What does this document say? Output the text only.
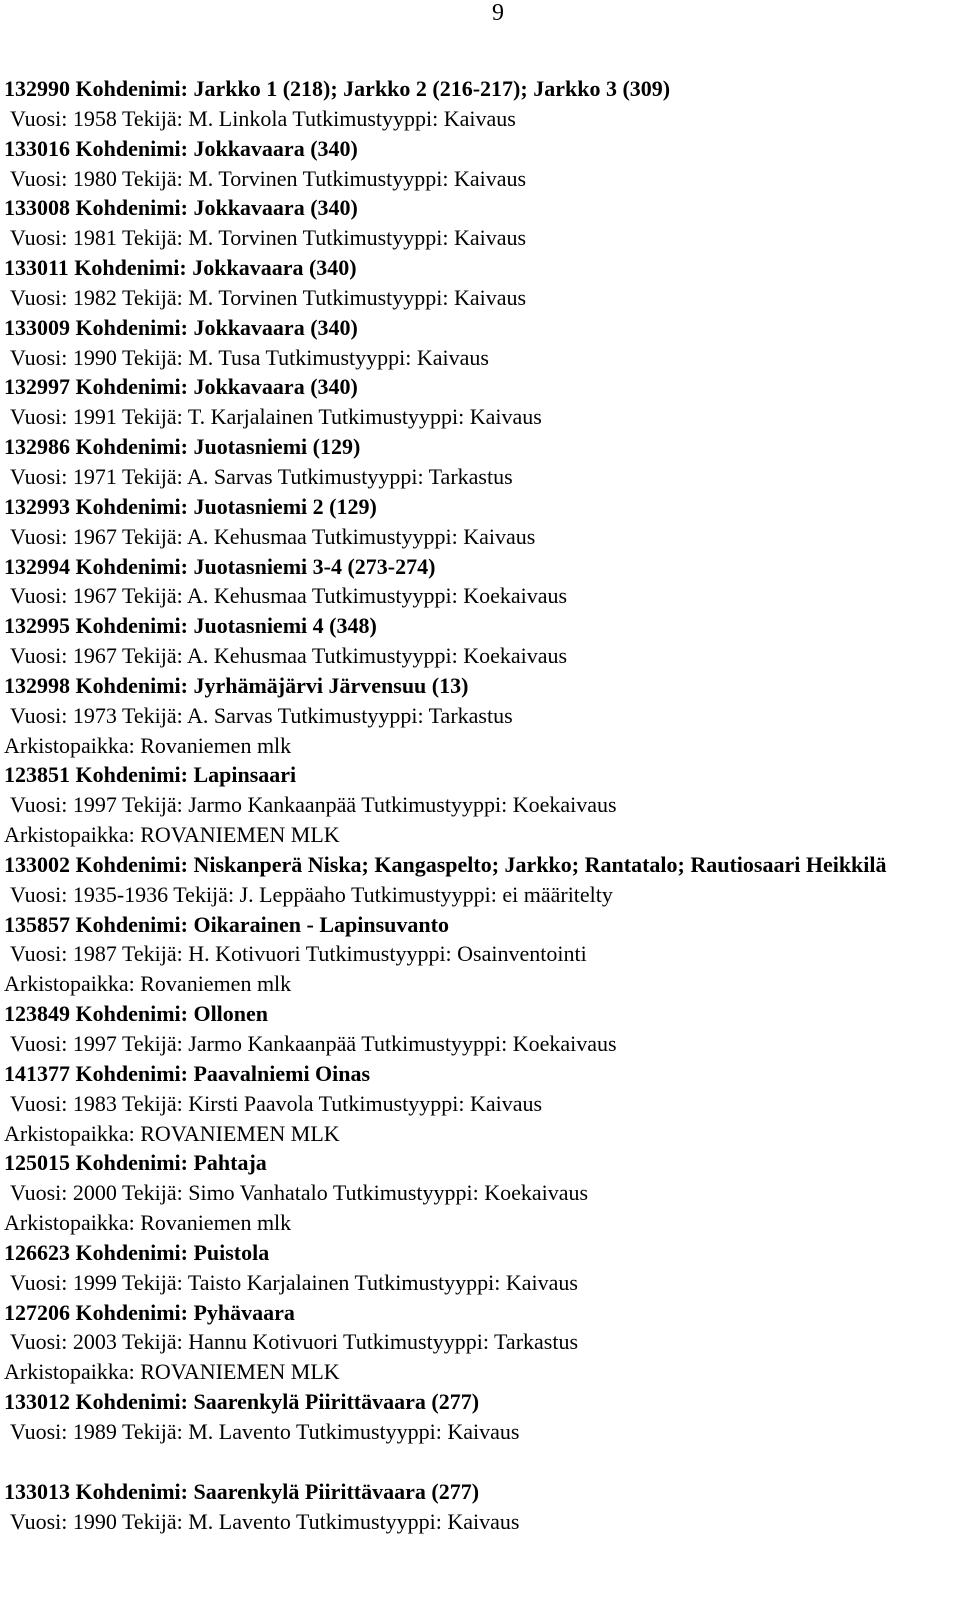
9
132990 Kohdenimi: Jarkko 1 (218); Jarkko 2 (216-217); Jarkko 3 (309)
Vuosi: 1958 Tekijä: M. Linkola Tutkimustyyppi: Kaivaus
133016 Kohdenimi: Jokkavaara (340)
Vuosi: 1980 Tekijä: M. Torvinen Tutkimustyyppi: Kaivaus
133008 Kohdenimi: Jokkavaara (340)
Vuosi: 1981 Tekijä: M. Torvinen Tutkimustyyppi: Kaivaus
133011 Kohdenimi: Jokkavaara (340)
Vuosi: 1982 Tekijä: M. Torvinen Tutkimustyyppi: Kaivaus
133009 Kohdenimi: Jokkavaara (340)
Vuosi: 1990 Tekijä: M. Tusa Tutkimustyyppi: Kaivaus
132997 Kohdenimi: Jokkavaara (340)
Vuosi: 1991 Tekijä: T. Karjalainen Tutkimustyyppi: Kaivaus
132986 Kohdenimi: Juotasniemi (129)
Vuosi: 1971 Tekijä: A. Sarvas Tutkimustyyppi: Tarkastus
132993 Kohdenimi: Juotasniemi 2 (129)
Vuosi: 1967 Tekijä: A. Kehusmaa Tutkimustyyppi: Kaivaus
132994 Kohdenimi: Juotasniemi 3-4 (273-274)
Vuosi: 1967 Tekijä: A. Kehusmaa Tutkimustyyppi: Koekaivaus
132995 Kohdenimi: Juotasniemi 4 (348)
Vuosi: 1967 Tekijä: A. Kehusmaa Tutkimustyyppi: Koekaivaus
132998 Kohdenimi: Jyrhämäjärvi Järvensuu (13)
Vuosi: 1973 Tekijä: A. Sarvas Tutkimustyyppi: Tarkastus
Arkistopaikka: Rovaniemen mlk
123851 Kohdenimi: Lapinsaari
Vuosi: 1997 Tekijä: Jarmo Kankaanpää Tutkimustyyppi: Koekaivaus
Arkistopaikka: ROVANIEMEN MLK
133002 Kohdenimi: Niskanperä Niska; Kangaspelto; Jarkko; Rantatalo; Rautiosaari Heikkilä
Vuosi: 1935-1936 Tekijä: J. Leppäaho Tutkimustyyppi: ei määritelty
135857 Kohdenimi: Oikarainen - Lapinsuvanto
Vuosi: 1987 Tekijä: H. Kotivuori Tutkimustyyppi: Osainventointi
Arkistopaikka: Rovaniemen mlk
123849 Kohdenimi: Ollonen
Vuosi: 1997 Tekijä: Jarmo Kankaanpää Tutkimustyyppi: Koekaivaus
141377 Kohdenimi: Paavalniemi Oinas
Vuosi: 1983 Tekijä: Kirsti Paavola Tutkimustyyppi: Kaivaus
Arkistopaikka: ROVANIEMEN MLK
125015 Kohdenimi: Pahtaja
Vuosi: 2000 Tekijä: Simo Vanhatalo Tutkimustyyppi: Koekaivaus
Arkistopaikka: Rovaniemen mlk
126623 Kohdenimi: Puistola
Vuosi: 1999 Tekijä: Taisto Karjalainen Tutkimustyyppi: Kaivaus
127206 Kohdenimi: Pyhävaara
Vuosi: 2003 Tekijä: Hannu Kotivuori Tutkimustyyppi: Tarkastus
Arkistopaikka: ROVANIEMEN MLK
133012 Kohdenimi: Saarenkylä Piirittävaara (277)
Vuosi: 1989 Tekijä: M. Lavento Tutkimustyyppi: Kaivaus
133013 Kohdenimi: Saarenkylä Piirittävaara (277)
Vuosi: 1990 Tekijä: M. Lavento Tutkimustyyppi: Kaivaus
